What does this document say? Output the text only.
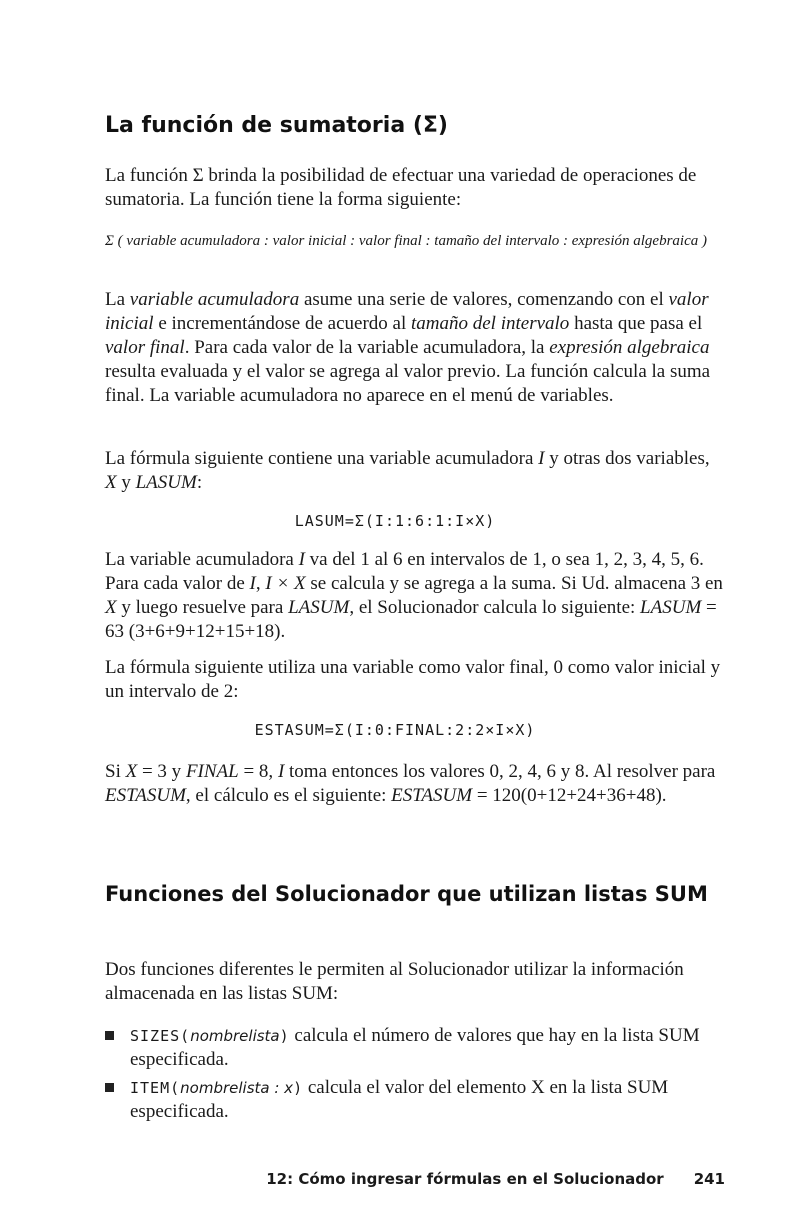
La función de sumatoria (Σ)

La función Σ brinda la posibilidad de efectuar una variedad de operaciones de sumatoria. La función tiene la forma siguiente:

Σ ( variable acumuladora : valor inicial : valor final : tamaño del intervalo : expresión algebraica )

La variable acumuladora asume una serie de valores, comenzando con el valor inicial e incrementándose de acuerdo al tamaño del intervalo hasta que pasa el valor final. Para cada valor de la variable acumuladora, la expresión algebraica resulta evaluada y el valor se agrega al valor previo. La función calcula la suma final. La variable acumuladora no aparece en el menú de variables.

La fórmula siguiente contiene una variable acumuladora I y otras dos variables, X y LASUM:

LASUM=Σ(I:1:6:1:I×X)

La variable acumuladora I va del 1 al 6 en intervalos de 1, o sea 1, 2, 3, 4, 5, 6. Para cada valor de I, I × X se calcula y se agrega a la suma. Si Ud. almacena 3 en X y luego resuelve para LASUM, el Solucionador calcula lo siguiente: LASUM = 63 (3+6+9+12+15+18).

La fórmula siguiente utiliza una variable como valor final, 0 como valor inicial y un intervalo de 2:

ESTASUM=Σ(I:0:FINAL:2:2×I×X)

Si X = 3 y FINAL = 8, I toma entonces los valores 0, 2, 4, 6 y 8. Al resolver para ESTASUM, el cálculo es el siguiente: ESTASUM = 120(0+12+24+36+48).

Funciones del Solucionador que utilizan listas SUM

Dos funciones diferentes le permiten al Solucionador utilizar la información almacenada en las listas SUM:

SIZES(nombrelista) calcula el número de valores que hay en la lista SUM especificada.
ITEM(nombrelista : x) calcula el valor del elemento X en la lista SUM especificada.
12: Cómo ingresar fórmulas en el Solucionador 241
